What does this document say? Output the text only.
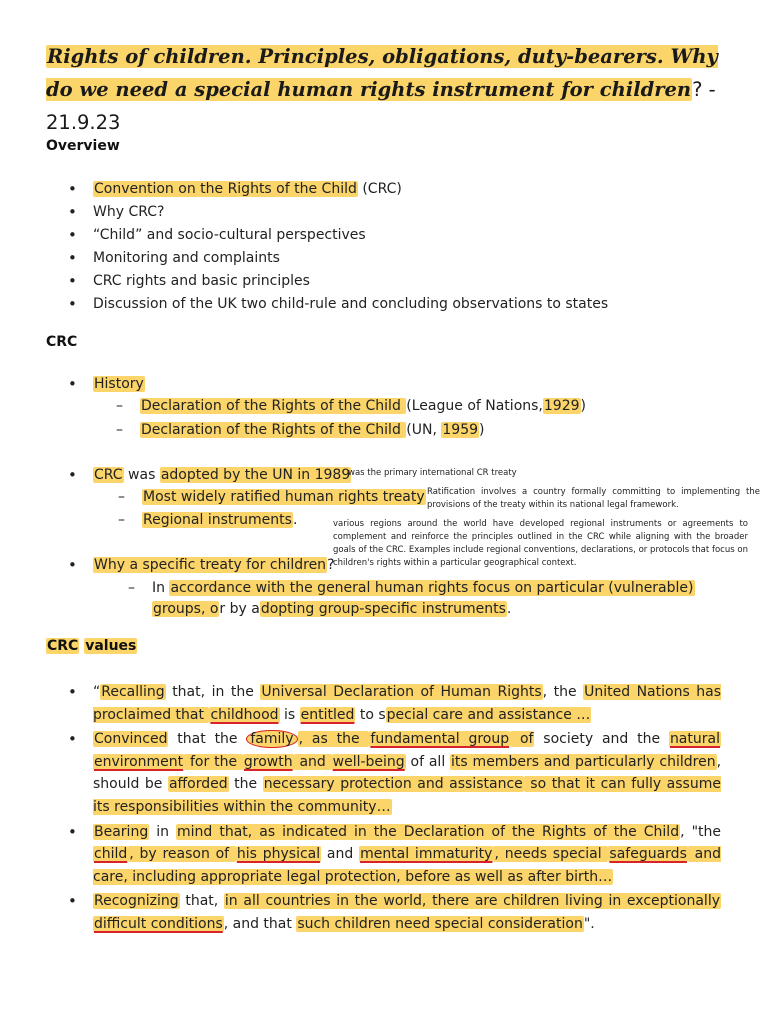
Rights of children. Principles, obligations, duty-bearers. Why do we need a special human rights instrument for children? - 21.9.23
Overview
• Convention on the Rights of the Child (CRC)
• Why CRC?
• “Child” and socio-cultural perspectives
• Monitoring and complaints
• CRC rights and basic principles
• Discussion of the UK two child-rule and concluding observations to states
CRC
• History
– Declaration of the Rights of the Child (League of Nations,1929)
– Declaration of the Rights of the Child (UN, 1959)
• CRC was adopted by the UN in 1989
was the primary international CR treaty
– Most widely ratified human rights treaty Ratification involves a country formally committing to implementing the provisions of the treaty within its national legal framework.
– Regional instruments.	various regions around the world have developed regional instruments or agreements to complement and reinforce the principles outlined in the CRC while aligning with the broader goals of the CRC. Examples include regional conventions, declarations, or protocols that focus on children's rights within a particular geographical context.
• Why a specific treaty for children?
– In accordance with the general human rights focus on particular (vulnerable)
groups, or by adopting group-specific instruments.
CRC values
• “Recalling that, in the Universal Declaration of Human Rights, the United Nations has proclaimed that childhood is entitled to special care and assistance …
• Convinced that the family , as the fundamental group of society and the natural environment for the growth and well-being of all its members and particularly children, should be afforded the necessary protection and assistance so that it can fully assume its responsibilities within the community…
• Bearing in mind that, as indicated in the Declaration of the Rights of the Child, "the child , by reason of his physical and mental immaturity , needs special safeguards and care, including appropriate legal protection, before as well as after birth…
• Recognizing that, in all countries in the world, there are children living in exceptionally difficult conditions, and that such children need special consideration".
